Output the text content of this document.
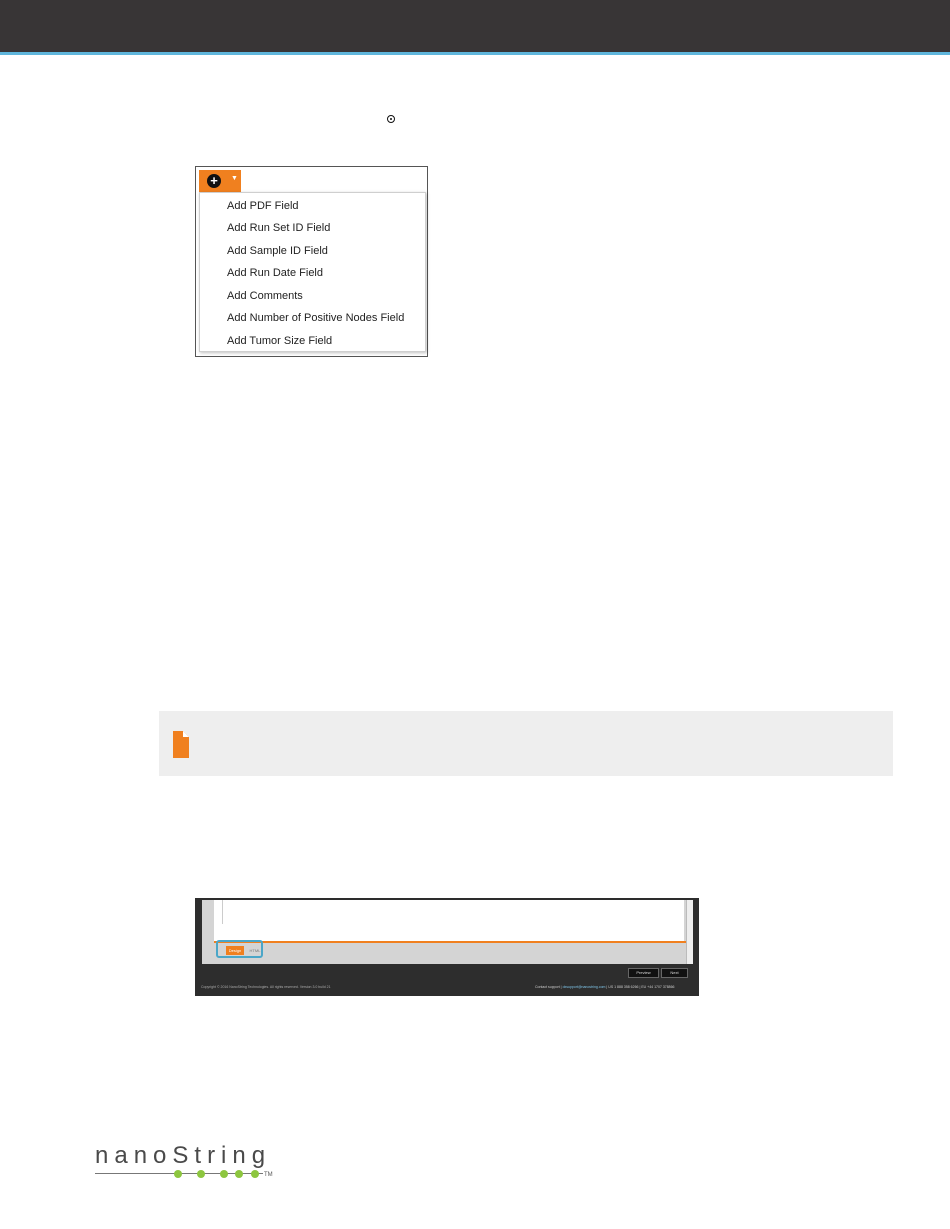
+	▼
Add PDF Field
Add Run Set ID Field
Add Sample ID Field
Add Run Date Field
Add Comments
Add Number of Positive Nodes Field
Add Tumor Size Field
Design	HTML
Preview	Next
Copyright © 2016 NanoString Technologies. All rights reserved. Version 3.0 build 21	Contact support | dxsupport@nanostring.com | US 1 888 358 6266 | EU +44 1707 378866
nanoString
TM
